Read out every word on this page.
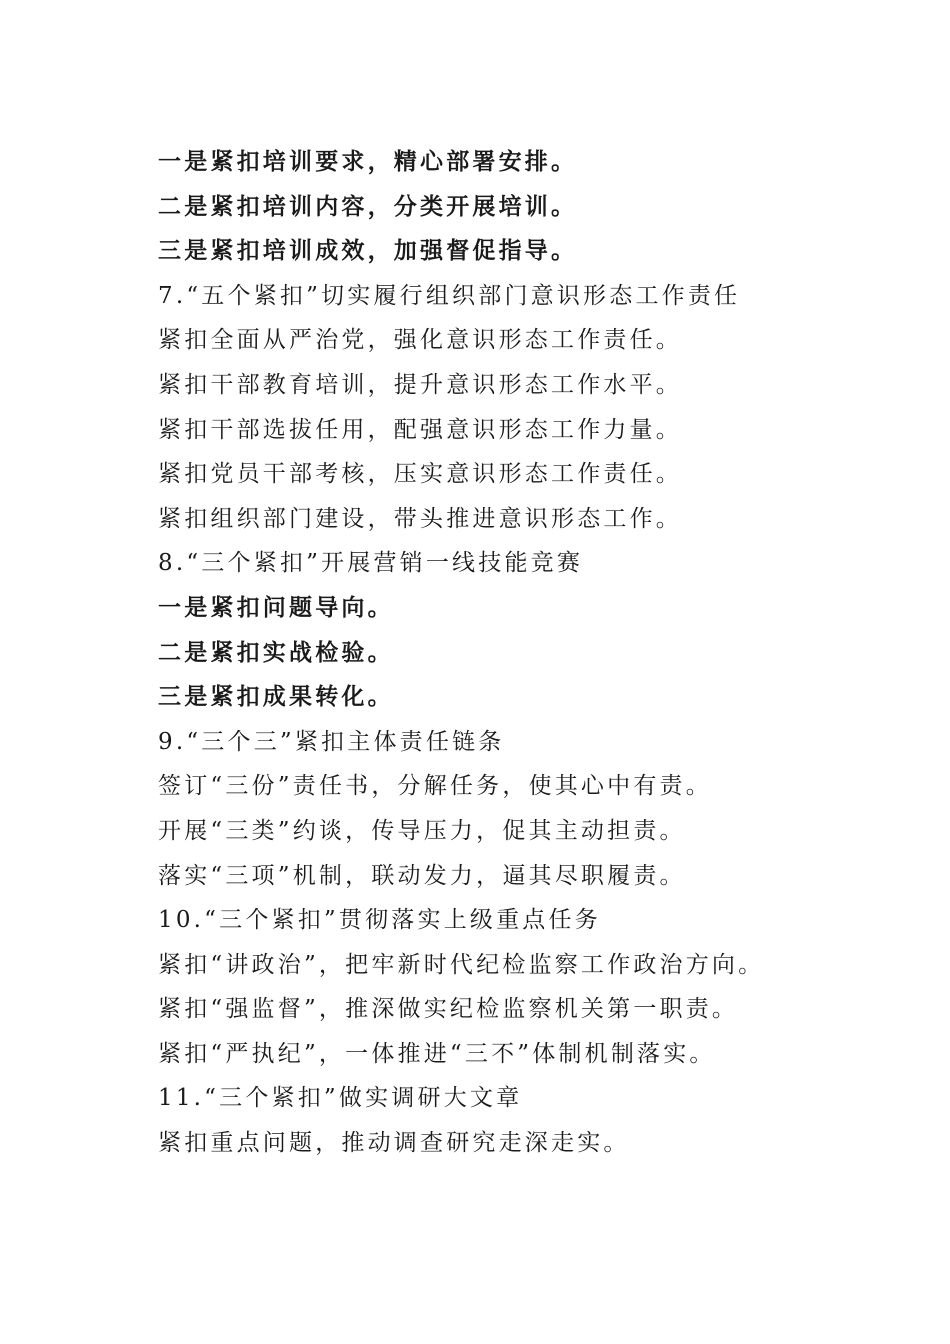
一是紧扣培训要求，精心部署安排。
二是紧扣培训内容，分类开展培训。
三是紧扣培训成效，加强督促指导。
7.“五个紧扣”切实履行组织部门意识形态工作责任
紧扣全面从严治党，强化意识形态工作责任。
紧扣干部教育培训，提升意识形态工作水平。
紧扣干部选拔任用，配强意识形态工作力量。
紧扣党员干部考核，压实意识形态工作责任。
紧扣组织部门建设，带头推进意识形态工作。
8.“三个紧扣”开展营销一线技能竞赛
一是紧扣问题导向。
二是紧扣实战检验。
三是紧扣成果转化。
9.“三个三”紧扣主体责任链条
签订“三份”责任书，分解任务，使其心中有责。
开展“三类”约谈，传导压力，促其主动担责。
落实“三项”机制，联动发力，逼其尽职履责。
10.“三个紧扣”贯彻落实上级重点任务
紧扣“讲政治”，把牢新时代纪检监察工作政治方向。
紧扣“强监督”，推深做实纪检监察机关第一职责。
紧扣“严执纪”，一体推进“三不”体制机制落实。
11.“三个紧扣”做实调研大文章
紧扣重点问题，推动调查研究走深走实。
